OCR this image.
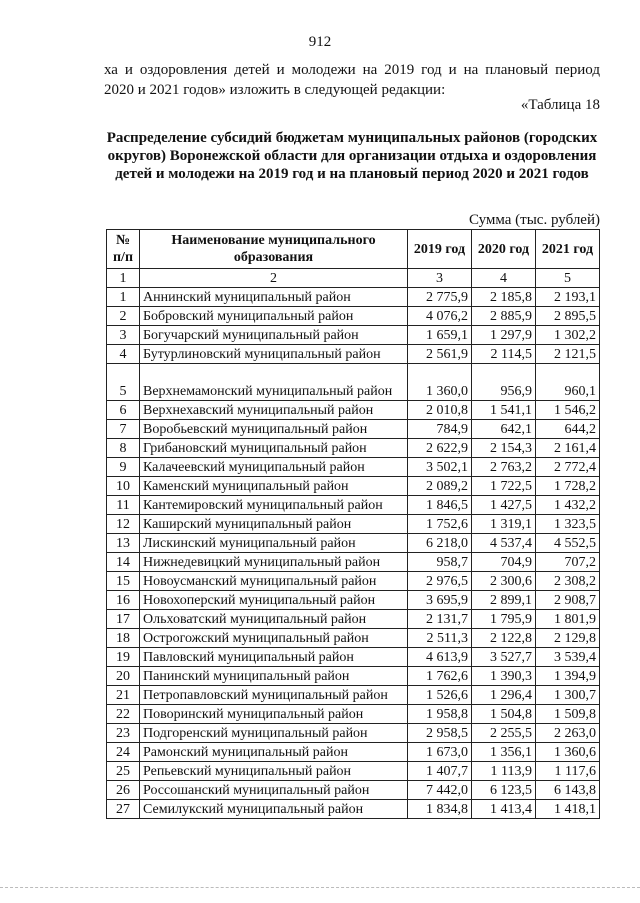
912
ха и оздоровления детей и молодежи на 2019 год и на плановый период
2020 и 2021 годов» изложить в следующей редакции:
«Таблица 18
Распределение субсидий бюджетам муниципальных районов (городских округов) Воронежской области для организации отдыха и оздоровления детей и молодежи на 2019 год и на плановый период 2020 и 2021 годов
Сумма (тыс. рублей)
№ п/п	Наименование муниципального образования	2019 год	2020 год	2021 год
1	2	3	4	5
1	Аннинский муниципальный район	2 775,9	2 185,8	2 193,1
2	Бобровский муниципальный район	4 076,2	2 885,9	2 895,5
3	Богучарский муниципальный район	1 659,1	1 297,9	1 302,2
4	Бутурлиновский муниципальный район	2 561,9	2 114,5	2 121,5
5	Верхнемамонский муниципальный район	1 360,0	956,9	960,1
6	Верхнехавский муниципальный район	2 010,8	1 541,1	1 546,2
7	Воробьевский муниципальный район	784,9	642,1	644,2
8	Грибановский муниципальный район	2 622,9	2 154,3	2 161,4
9	Калачеевский муниципальный район	3 502,1	2 763,2	2 772,4
10	Каменский муниципальный район	2 089,2	1 722,5	1 728,2
11	Кантемировский муниципальный район	1 846,5	1 427,5	1 432,2
12	Каширский муниципальный район	1 752,6	1 319,1	1 323,5
13	Лискинский муниципальный район	6 218,0	4 537,4	4 552,5
14	Нижнедевицкий муниципальный район	958,7	704,9	707,2
15	Новоусманский муниципальный район	2 976,5	2 300,6	2 308,2
16	Новохоперский муниципальный район	3 695,9	2 899,1	2 908,7
17	Ольховатский муниципальный район	2 131,7	1 795,9	1 801,9
18	Острогожский муниципальный район	2 511,3	2 122,8	2 129,8
19	Павловский муниципальный район	4 613,9	3 527,7	3 539,4
20	Панинский муниципальный район	1 762,6	1 390,3	1 394,9
21	Петропавловский муниципальный район	1 526,6	1 296,4	1 300,7
22	Поворинский муниципальный район	1 958,8	1 504,8	1 509,8
23	Подгоренский муниципальный район	2 958,5	2 255,5	2 263,0
24	Рамонский муниципальный район	1 673,0	1 356,1	1 360,6
25	Репьевский муниципальный район	1 407,7	1 113,9	1 117,6
26	Россошанский муниципальный район	7 442,0	6 123,5	6 143,8
27	Семилукский муниципальный район	1 834,8	1 413,4	1 418,1
